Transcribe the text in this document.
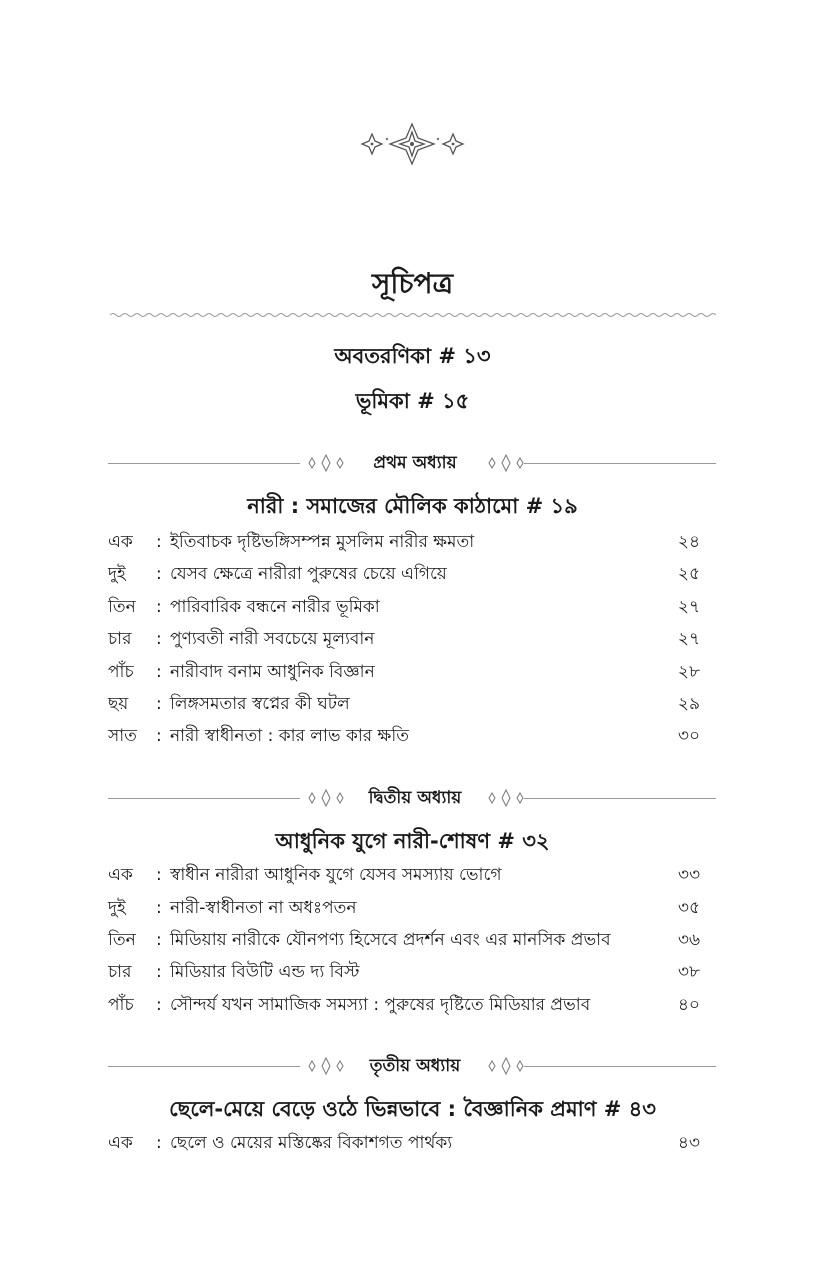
সূচিপত্র
অবতরণিকা # ১৩
ভূমিকা # ১৫
প্রথম অধ্যায়
নারী : সমাজের মৌলিক কাঠামো # ১৯
এক : ইতিবাচক দৃষ্টিভঙ্গিসম্পন্ন মুসলিম নারীর ক্ষমতা	২৪
দুই : যেসব ক্ষেত্রে নারীরা পুরুষের চেয়ে এগিয়ে	২৫
তিন : পারিবারিক বন্ধনে নারীর ভূমিকা	২৭
চার : পুণ্যবতী নারী সবচেয়ে মূল্যবান	২৭
পাঁচ : নারীবাদ বনাম আধুনিক বিজ্ঞান	২৮
ছয় : লিঙ্গসমতার স্বপ্নের কী ঘটল	২৯
সাত : নারী স্বাধীনতা : কার লাভ কার ক্ষতি	৩০
দ্বিতীয় অধ্যায়
আধুনিক যুগে নারী-শোষণ # ৩২
এক : স্বাধীন নারীরা আধুনিক যুগে যেসব সমস্যায় ভোগে	৩৩
দুই : নারী-স্বাধীনতা না অধঃপতন	৩৫
তিন : মিডিয়ায় নারীকে যৌনপণ্য হিসেবে প্রদর্শন এবং এর মানসিক প্রভাব	৩৬
চার : মিডিয়ার বিউটি এন্ড দ্য বিস্ট	৩৮
পাঁচ : সৌন্দর্য যখন সামাজিক সমস্যা : পুরুষের দৃষ্টিতে মিডিয়ার প্রভাব	৪০
তৃতীয় অধ্যায়
ছেলে-মেয়ে বেড়ে ওঠে ভিন্নভাবে : বৈজ্ঞানিক প্রমাণ # ৪৩
এক : ছেলে ও মেয়ের মস্তিষ্কের বিকাশগত পার্থক্য	৪৩
